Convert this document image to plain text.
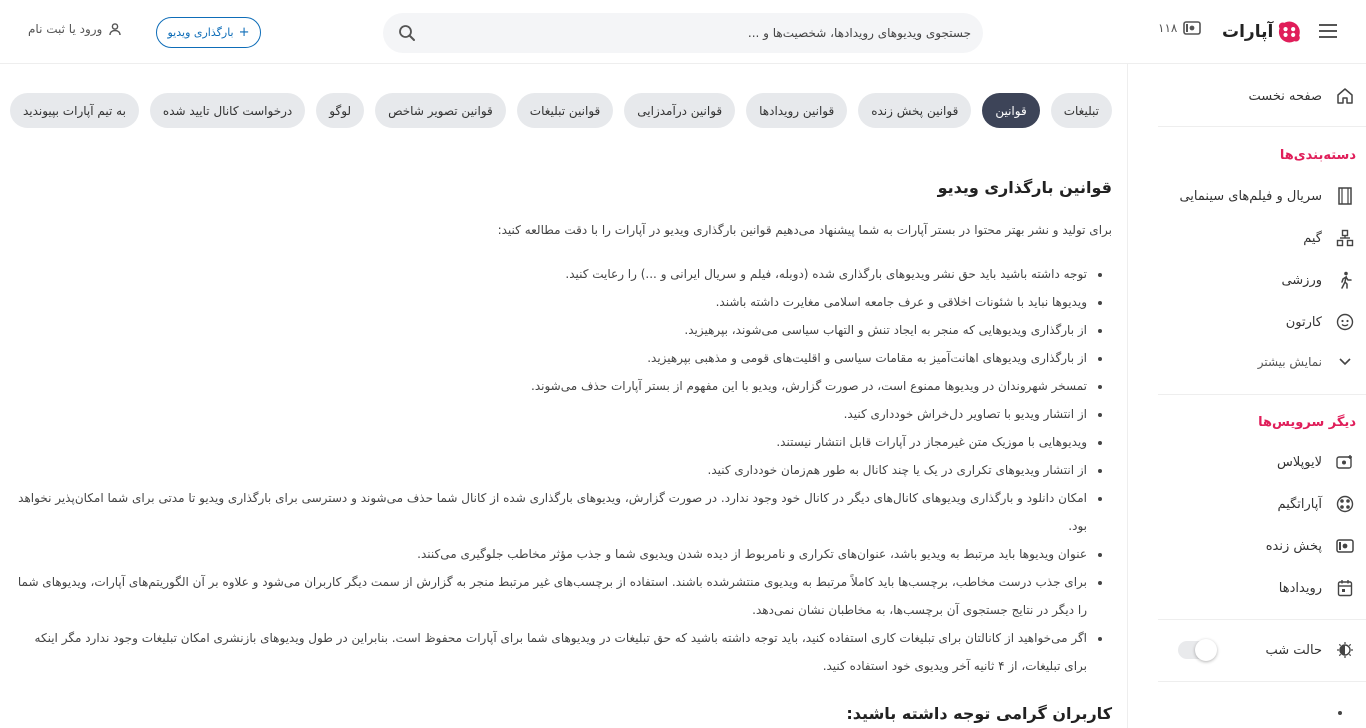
آپارات
۱۱۸
جستجوی ویدیوهای رویدادها، شخصیت‌ها و ...
+
بارگذاری ویدیو
ورود یا ثبت نام
صفحه نخست
دسته‌بندی‌ها
سریال و فیلم‌های سینمایی
گیم
ورزشی
کارتون
نمایش بیشتر
دیگر سرویس‌ها
لایوپلاس
آپاراتگیم
پخش زنده
رویدادها
حالت شب
تبلیغات
قوانین
قوانین پخش زنده
قوانین رویدادها
قوانین درآمدزایی
قوانین تبلیغات
قوانین تصویر شاخص
لوگو
درخواست کانال تایید شده
به تیم آپارات بپیوندید
قوانین بارگذاری ویدیو

برای تولید و نشر بهتر محتوا در بستر آپارات به شما پیشنهاد می‌دهیم قوانین بارگذاری ویدیو در آپارات را با دقت مطالعه کنید:

توجه داشته باشید باید حق نشر ویدیوهای بارگذاری شده (دوبله، فیلم و سریال ایرانی و ...) را رعایت کنید.
ویدیوها نباید با شئونات اخلاقی و عرف جامعه اسلامی مغایرت داشته باشند.
از بارگذاری ویدیوهایی که منجر به ایجاد تنش و التهاب سیاسی می‌شوند، بپرهیزید.
از بارگذاری ویدیوهای اهانت‌آمیز به مقامات سیاسی و اقلیت‌های قومی و مذهبی بپرهیزید.
تمسخر شهروندان در ویدیوها ممنوع است، در صورت گزارش، ویدیو با این مفهوم از بستر آپارات حذف می‌شوند.
از انتشار ویدیو با تصاویر دل‌خراش خودداری کنید.
ویدیوهایی با موزیک متن غیرمجاز در آپارات قابل انتشار نیستند.
از انتشار ویدیوهای تکراری در یک یا چند کانال به طور هم‌زمان خودداری کنید.
امکان دانلود و بارگذاری ویدیوهای کانال‌های دیگر در کانال خود وجود ندارد. در صورت گزارش، ویدیوهای بارگذاری شده از کانال شما حذف می‌شوند و دسترسی برای بارگذاری ویدیو تا مدتی برای شما امکان‌پذیر نخواهد بود.
عنوان ویدیوها باید مرتبط به ویدیو باشد، عنوان‌های تکراری و نامربوط از دیده شدن ویدیوی شما و جذب مؤثر مخاطب جلوگیری می‌کنند.
برای جذب درست مخاطب، برچسب‌ها باید کاملاً مرتبط به ویدیوی منتشرشده باشند. استفاده از برچسب‌های غیر مرتبط منجر به گزارش از سمت دیگر کاربران می‌شود و علاوه بر آن الگوریتم‌های آپارات، ویدیوهای شما را دیگر در نتایج جستجوی آن برچسب‌ها، به مخاطبان نشان نمی‌دهد.
اگر می‌خواهید از کانالتان برای تبلیغات کاری استفاده کنید، باید توجه داشته باشید که حق تبلیغات در ویدیوهای شما برای آپارات محفوظ است. بنابراین در طول ویدیوهای بازنشری امکان تبلیغات وجود ندارد مگر اینکه برای تبلیغات، از ۴ ثانیه آخر ویدیوی خود استفاده کنید.
کاربران گرامی توجه داشته باشید:
